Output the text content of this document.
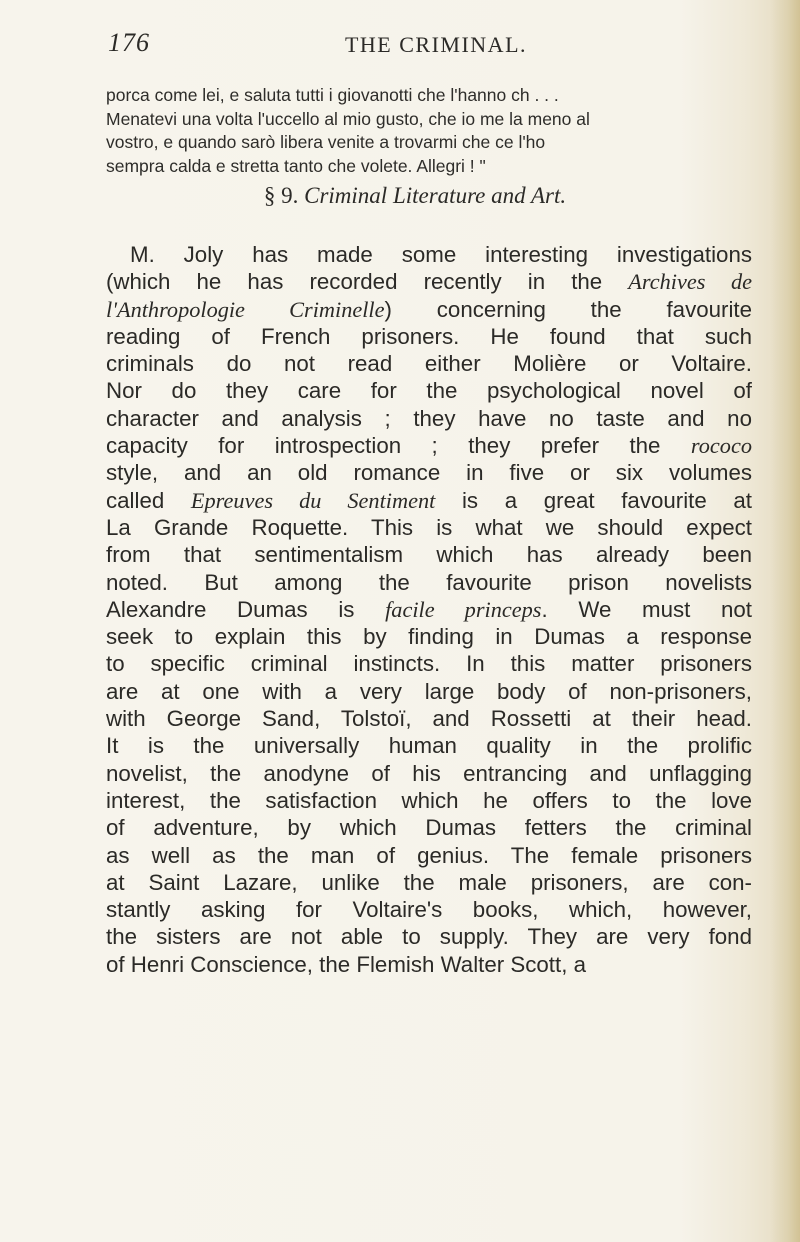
176	THE CRIMINAL.
porca come lei, e saluta tutti i giovanotti che l'hanno ch . . .
Menatevi una volta l'uccello al mio gusto, che io me la meno al
vostro, e quando sarò libera venite a trovarmi che ce l'ho
sempra calda e stretta tanto che volete. Allegri ! "
§ 9. Criminal Literature and Art.
M. Joly has made some interesting investigations
(which he has recorded recently in the Archives de
l'Anthropologie Criminelle) concerning the favourite
reading of French prisoners. He found that such
criminals do not read either Molière or Voltaire.
Nor do they care for the psychological novel of
character and analysis ; they have no taste and no
capacity for introspection ; they prefer the rococo
style, and an old romance in five or six volumes
called Epreuves du Sentiment is a great favourite at
La Grande Roquette. This is what we should expect
from that sentimentalism which has already been
noted. But among the favourite prison novelists
Alexandre Dumas is facile princeps. We must not
seek to explain this by finding in Dumas a response
to specific criminal instincts. In this matter prisoners
are at one with a very large body of non-prisoners,
with George Sand, Tolstoï, and Rossetti at their head.
It is the universally human quality in the prolific
novelist, the anodyne of his entrancing and unflagging
interest, the satisfaction which he offers to the love
of adventure, by which Dumas fetters the criminal
as well as the man of genius. The female prisoners
at Saint Lazare, unlike the male prisoners, are con-
stantly asking for Voltaire's books, which, however,
the sisters are not able to supply. They are very fond
of Henri Conscience, the Flemish Walter Scott, a
